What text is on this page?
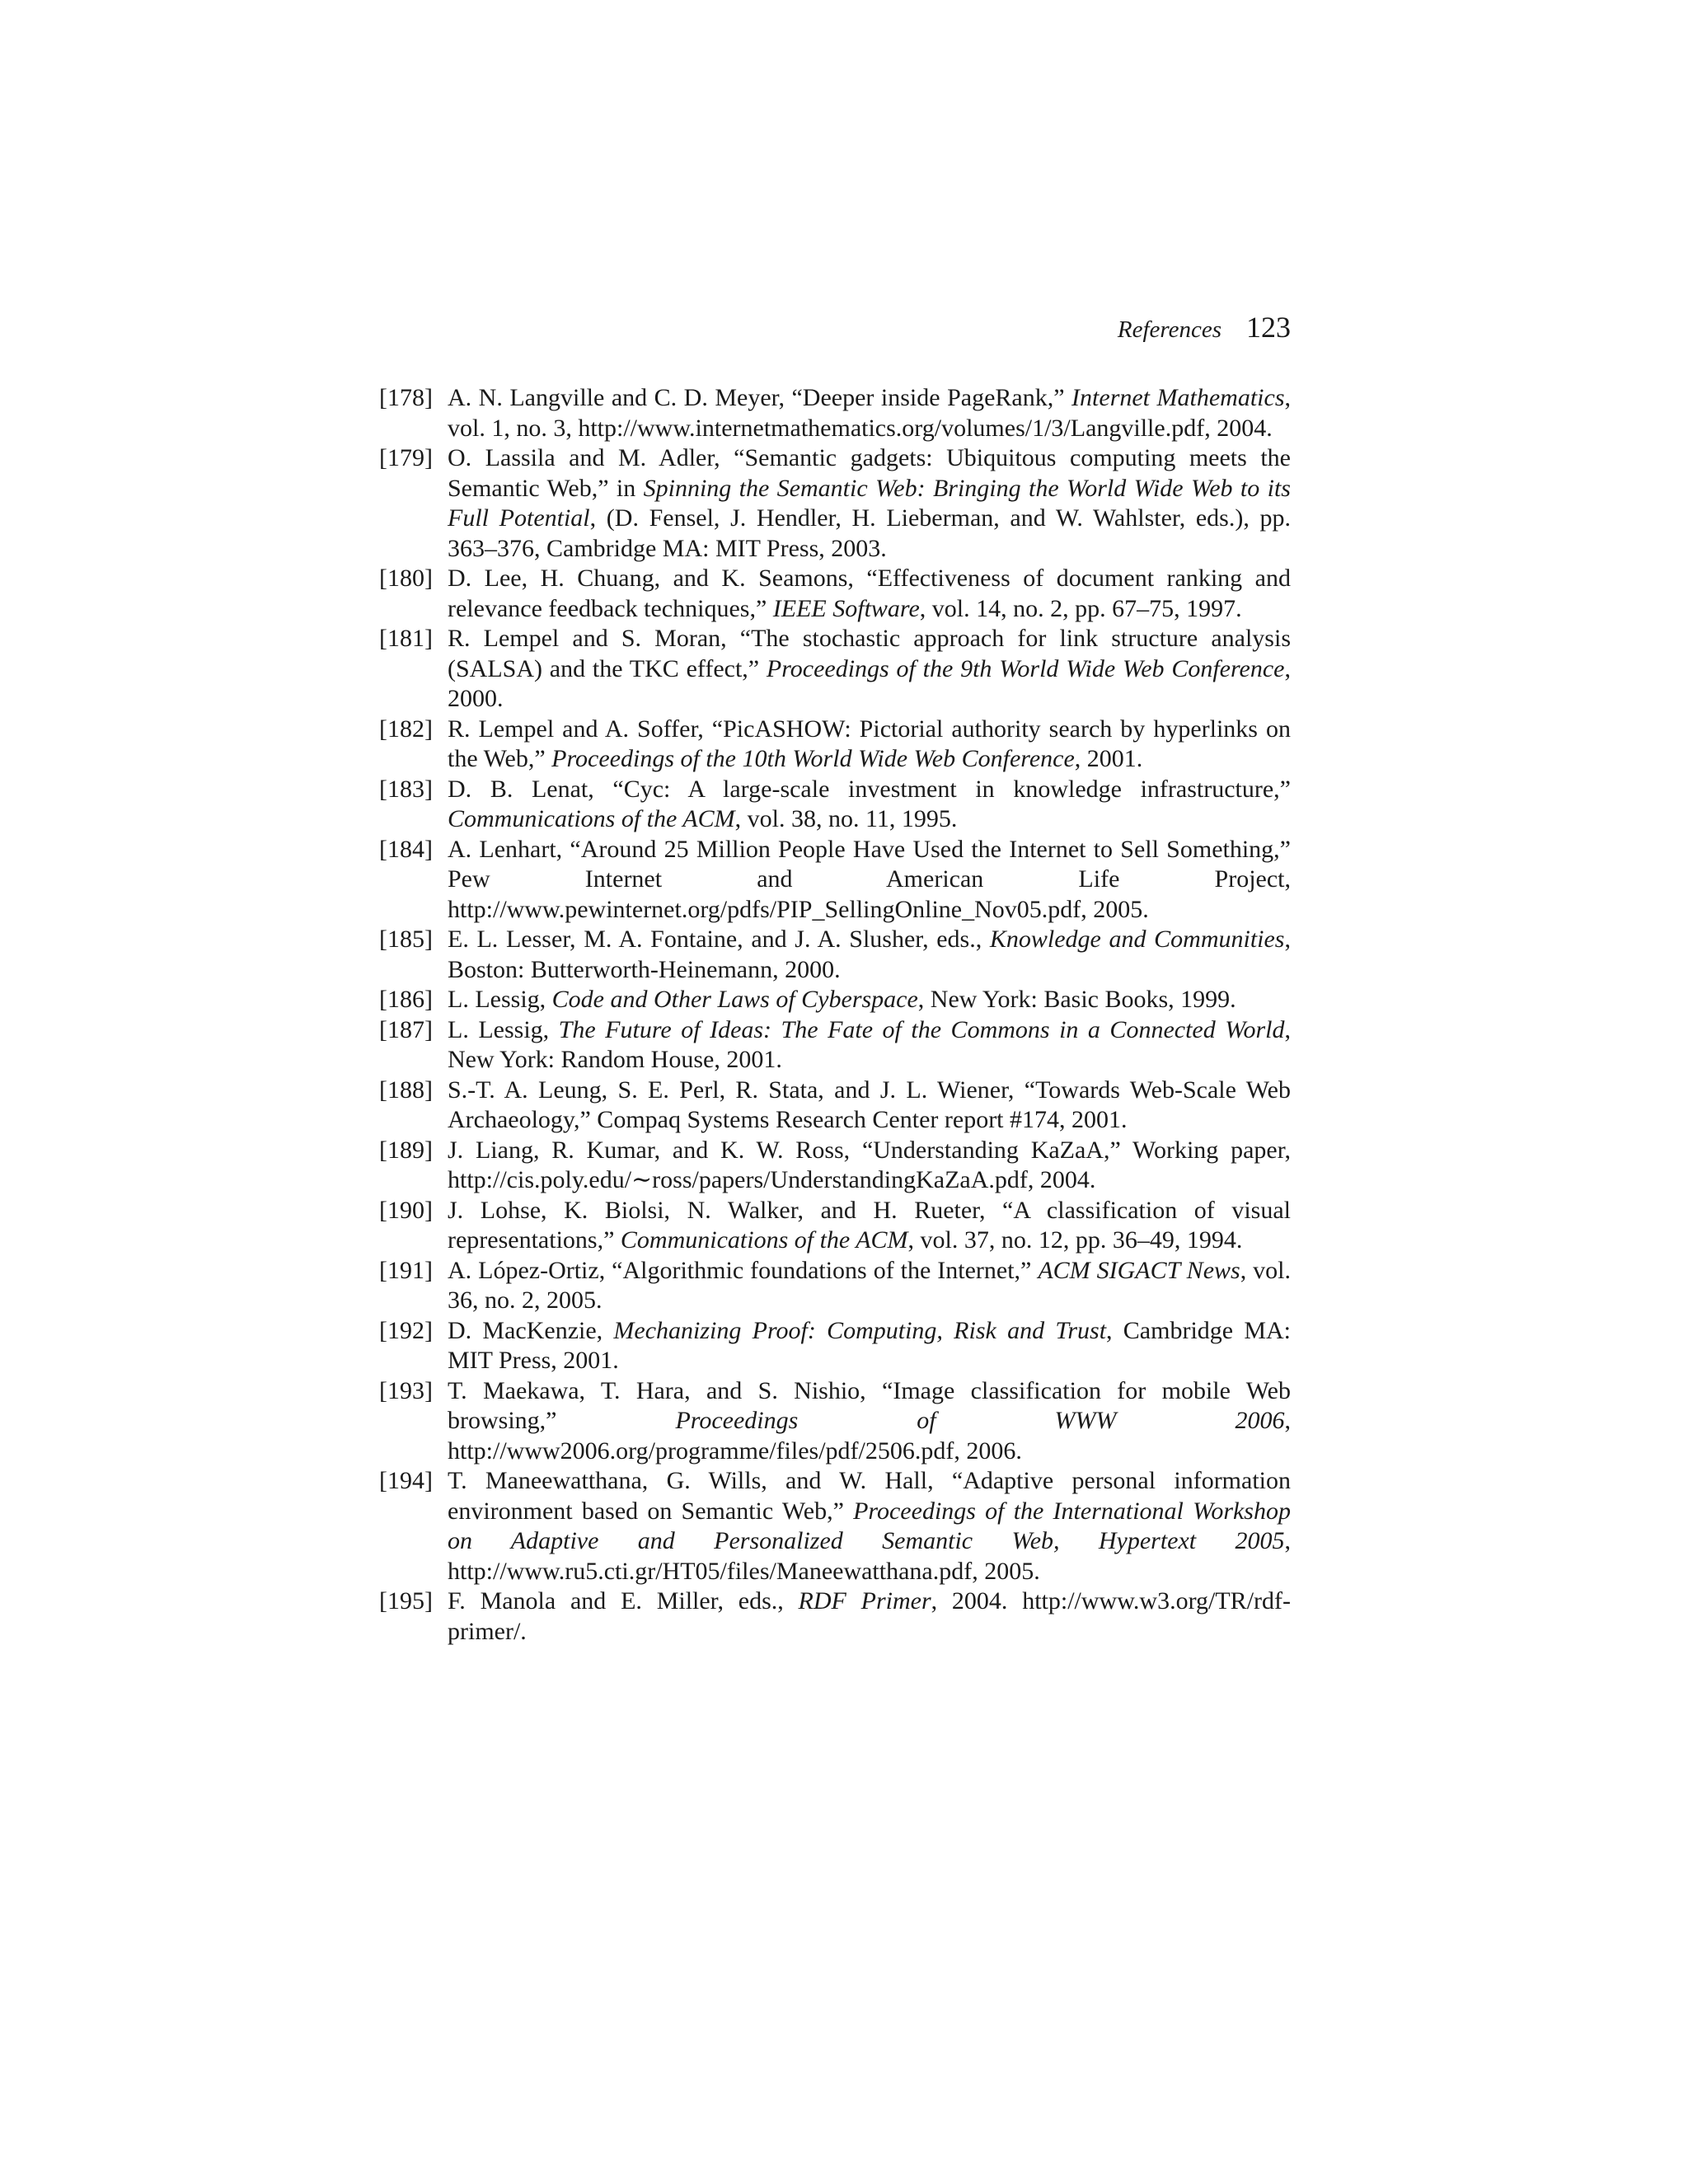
References 123
[178] A. N. Langville and C. D. Meyer, “Deeper inside PageRank,” Internet Mathematics, vol. 1, no. 3, http://www.internetmathematics.org/volumes/1/3/Langville.pdf, 2004.
[179] O. Lassila and M. Adler, “Semantic gadgets: Ubiquitous computing meets the Semantic Web,” in Spinning the Semantic Web: Bringing the World Wide Web to its Full Potential, (D. Fensel, J. Hendler, H. Lieberman, and W. Wahlster, eds.), pp. 363–376, Cambridge MA: MIT Press, 2003.
[180] D. Lee, H. Chuang, and K. Seamons, “Effectiveness of document ranking and relevance feedback techniques,” IEEE Software, vol. 14, no. 2, pp. 67–75, 1997.
[181] R. Lempel and S. Moran, “The stochastic approach for link structure analysis (SALSA) and the TKC effect,” Proceedings of the 9th World Wide Web Conference, 2000.
[182] R. Lempel and A. Soffer, “PicASHOW: Pictorial authority search by hyperlinks on the Web,” Proceedings of the 10th World Wide Web Conference, 2001.
[183] D. B. Lenat, “Cyc: A large-scale investment in knowledge infrastructure,” Communications of the ACM, vol. 38, no. 11, 1995.
[184] A. Lenhart, “Around 25 Million People Have Used the Internet to Sell Something,” Pew Internet and American Life Project, http://www.pewinternet.org/pdfs/PIP_SellingOnline_Nov05.pdf, 2005.
[185] E. L. Lesser, M. A. Fontaine, and J. A. Slusher, eds., Knowledge and Communities, Boston: Butterworth-Heinemann, 2000.
[186] L. Lessig, Code and Other Laws of Cyberspace, New York: Basic Books, 1999.
[187] L. Lessig, The Future of Ideas: The Fate of the Commons in a Connected World, New York: Random House, 2001.
[188] S.-T. A. Leung, S. E. Perl, R. Stata, and J. L. Wiener, “Towards Web-Scale Web Archaeology,” Compaq Systems Research Center report #174, 2001.
[189] J. Liang, R. Kumar, and K. W. Ross, “Understanding KaZaA,” Working paper, http://cis.poly.edu/∼ross/papers/UnderstandingKaZaA.pdf, 2004.
[190] J. Lohse, K. Biolsi, N. Walker, and H. Rueter, “A classification of visual representations,” Communications of the ACM, vol. 37, no. 12, pp. 36–49, 1994.
[191] A. López-Ortiz, “Algorithmic foundations of the Internet,” ACM SIGACT News, vol. 36, no. 2, 2005.
[192] D. MacKenzie, Mechanizing Proof: Computing, Risk and Trust, Cambridge MA: MIT Press, 2001.
[193] T. Maekawa, T. Hara, and S. Nishio, “Image classification for mobile Web browsing,” Proceedings of WWW 2006, http://www2006.org/programme/files/pdf/2506.pdf, 2006.
[194] T. Maneewatthana, G. Wills, and W. Hall, “Adaptive personal information environment based on Semantic Web,” Proceedings of the International Workshop on Adaptive and Personalized Semantic Web, Hypertext 2005, http://www.ru5.cti.gr/HT05/files/Maneewatthana.pdf, 2005.
[195] F. Manola and E. Miller, eds., RDF Primer, 2004. http://www.w3.org/TR/rdf-primer/.
